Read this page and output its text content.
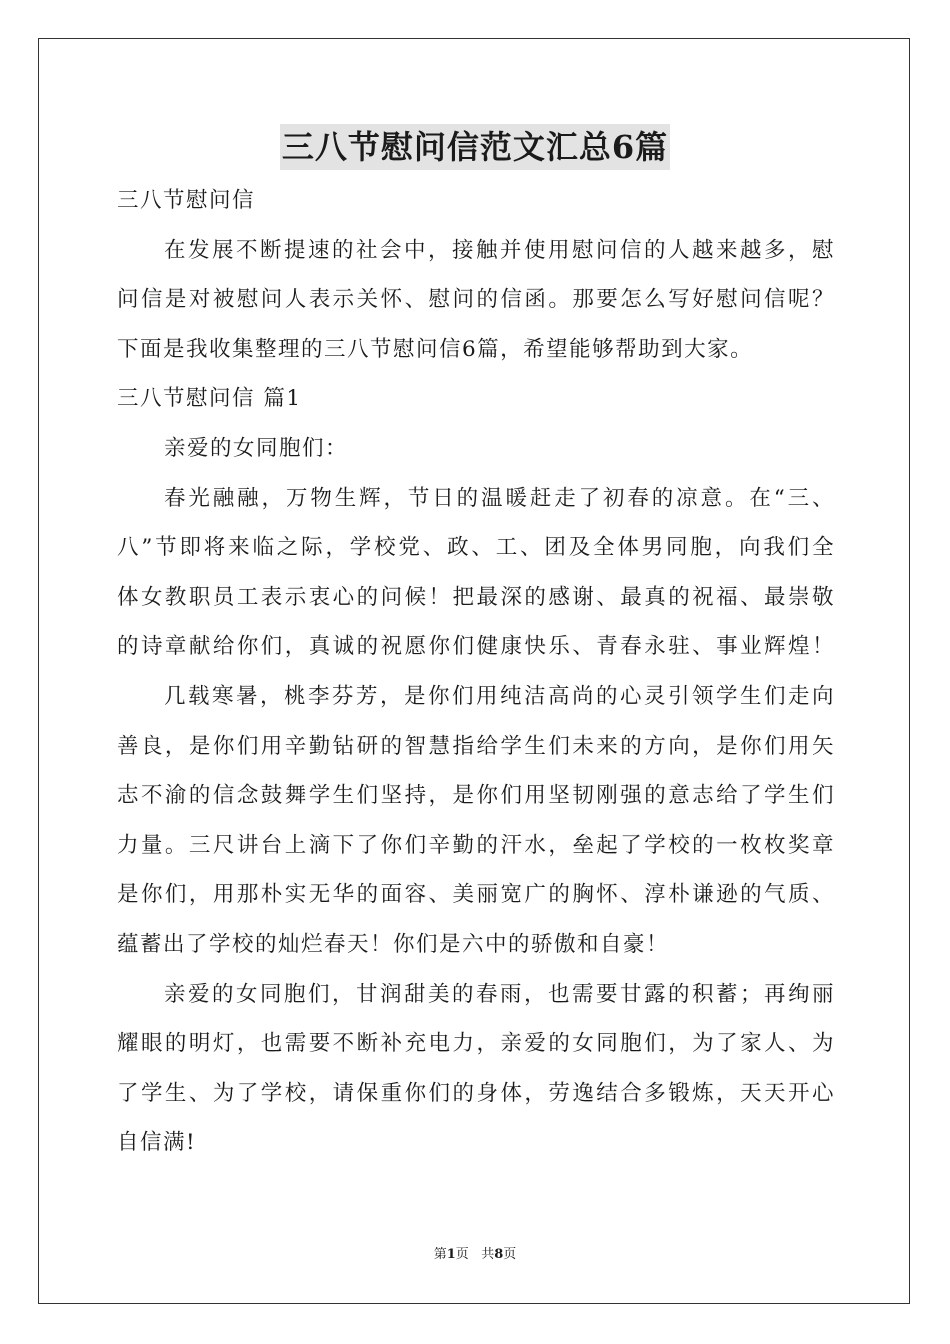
三八节慰问信范文汇总6篇
三八节慰问信
在发展不断提速的社会中，接触并使用慰问信的人越来越多，慰
问信是对被慰问人表示关怀、慰问的信函。那要怎么写好慰问信呢？
下面是我收集整理的三八节慰问信6篇，希望能够帮助到大家。
三八节慰问信 篇1
亲爱的女同胞们：
春光融融，万物生辉，节日的温暖赶走了初春的凉意。在“三、
八”节即将来临之际，学校党、政、工、团及全体男同胞，向我们全
体女教职员工表示衷心的问候！把最深的感谢、最真的祝福、最崇敬
的诗章献给你们，真诚的祝愿你们健康快乐、青春永驻、事业辉煌！
几载寒暑，桃李芬芳，是你们用纯洁高尚的心灵引领学生们走向
善良，是你们用辛勤钻研的智慧指给学生们未来的方向，是你们用矢
志不渝的信念鼓舞学生们坚持，是你们用坚韧刚强的意志给了学生们
力量。三尺讲台上滴下了你们辛勤的汗水，垒起了学校的一枚枚奖章
是你们，用那朴实无华的面容、美丽宽广的胸怀、淳朴谦逊的气质、
蕴蓄出了学校的灿烂春天！你们是六中的骄傲和自豪！
亲爱的女同胞们，甘润甜美的春雨，也需要甘露的积蓄；再绚丽
耀眼的明灯，也需要不断补充电力，亲爱的女同胞们，为了家人、为
了学生、为了学校，请保重你们的身体，劳逸结合多锻炼，天天开心
自信满!
第1页 共8页
